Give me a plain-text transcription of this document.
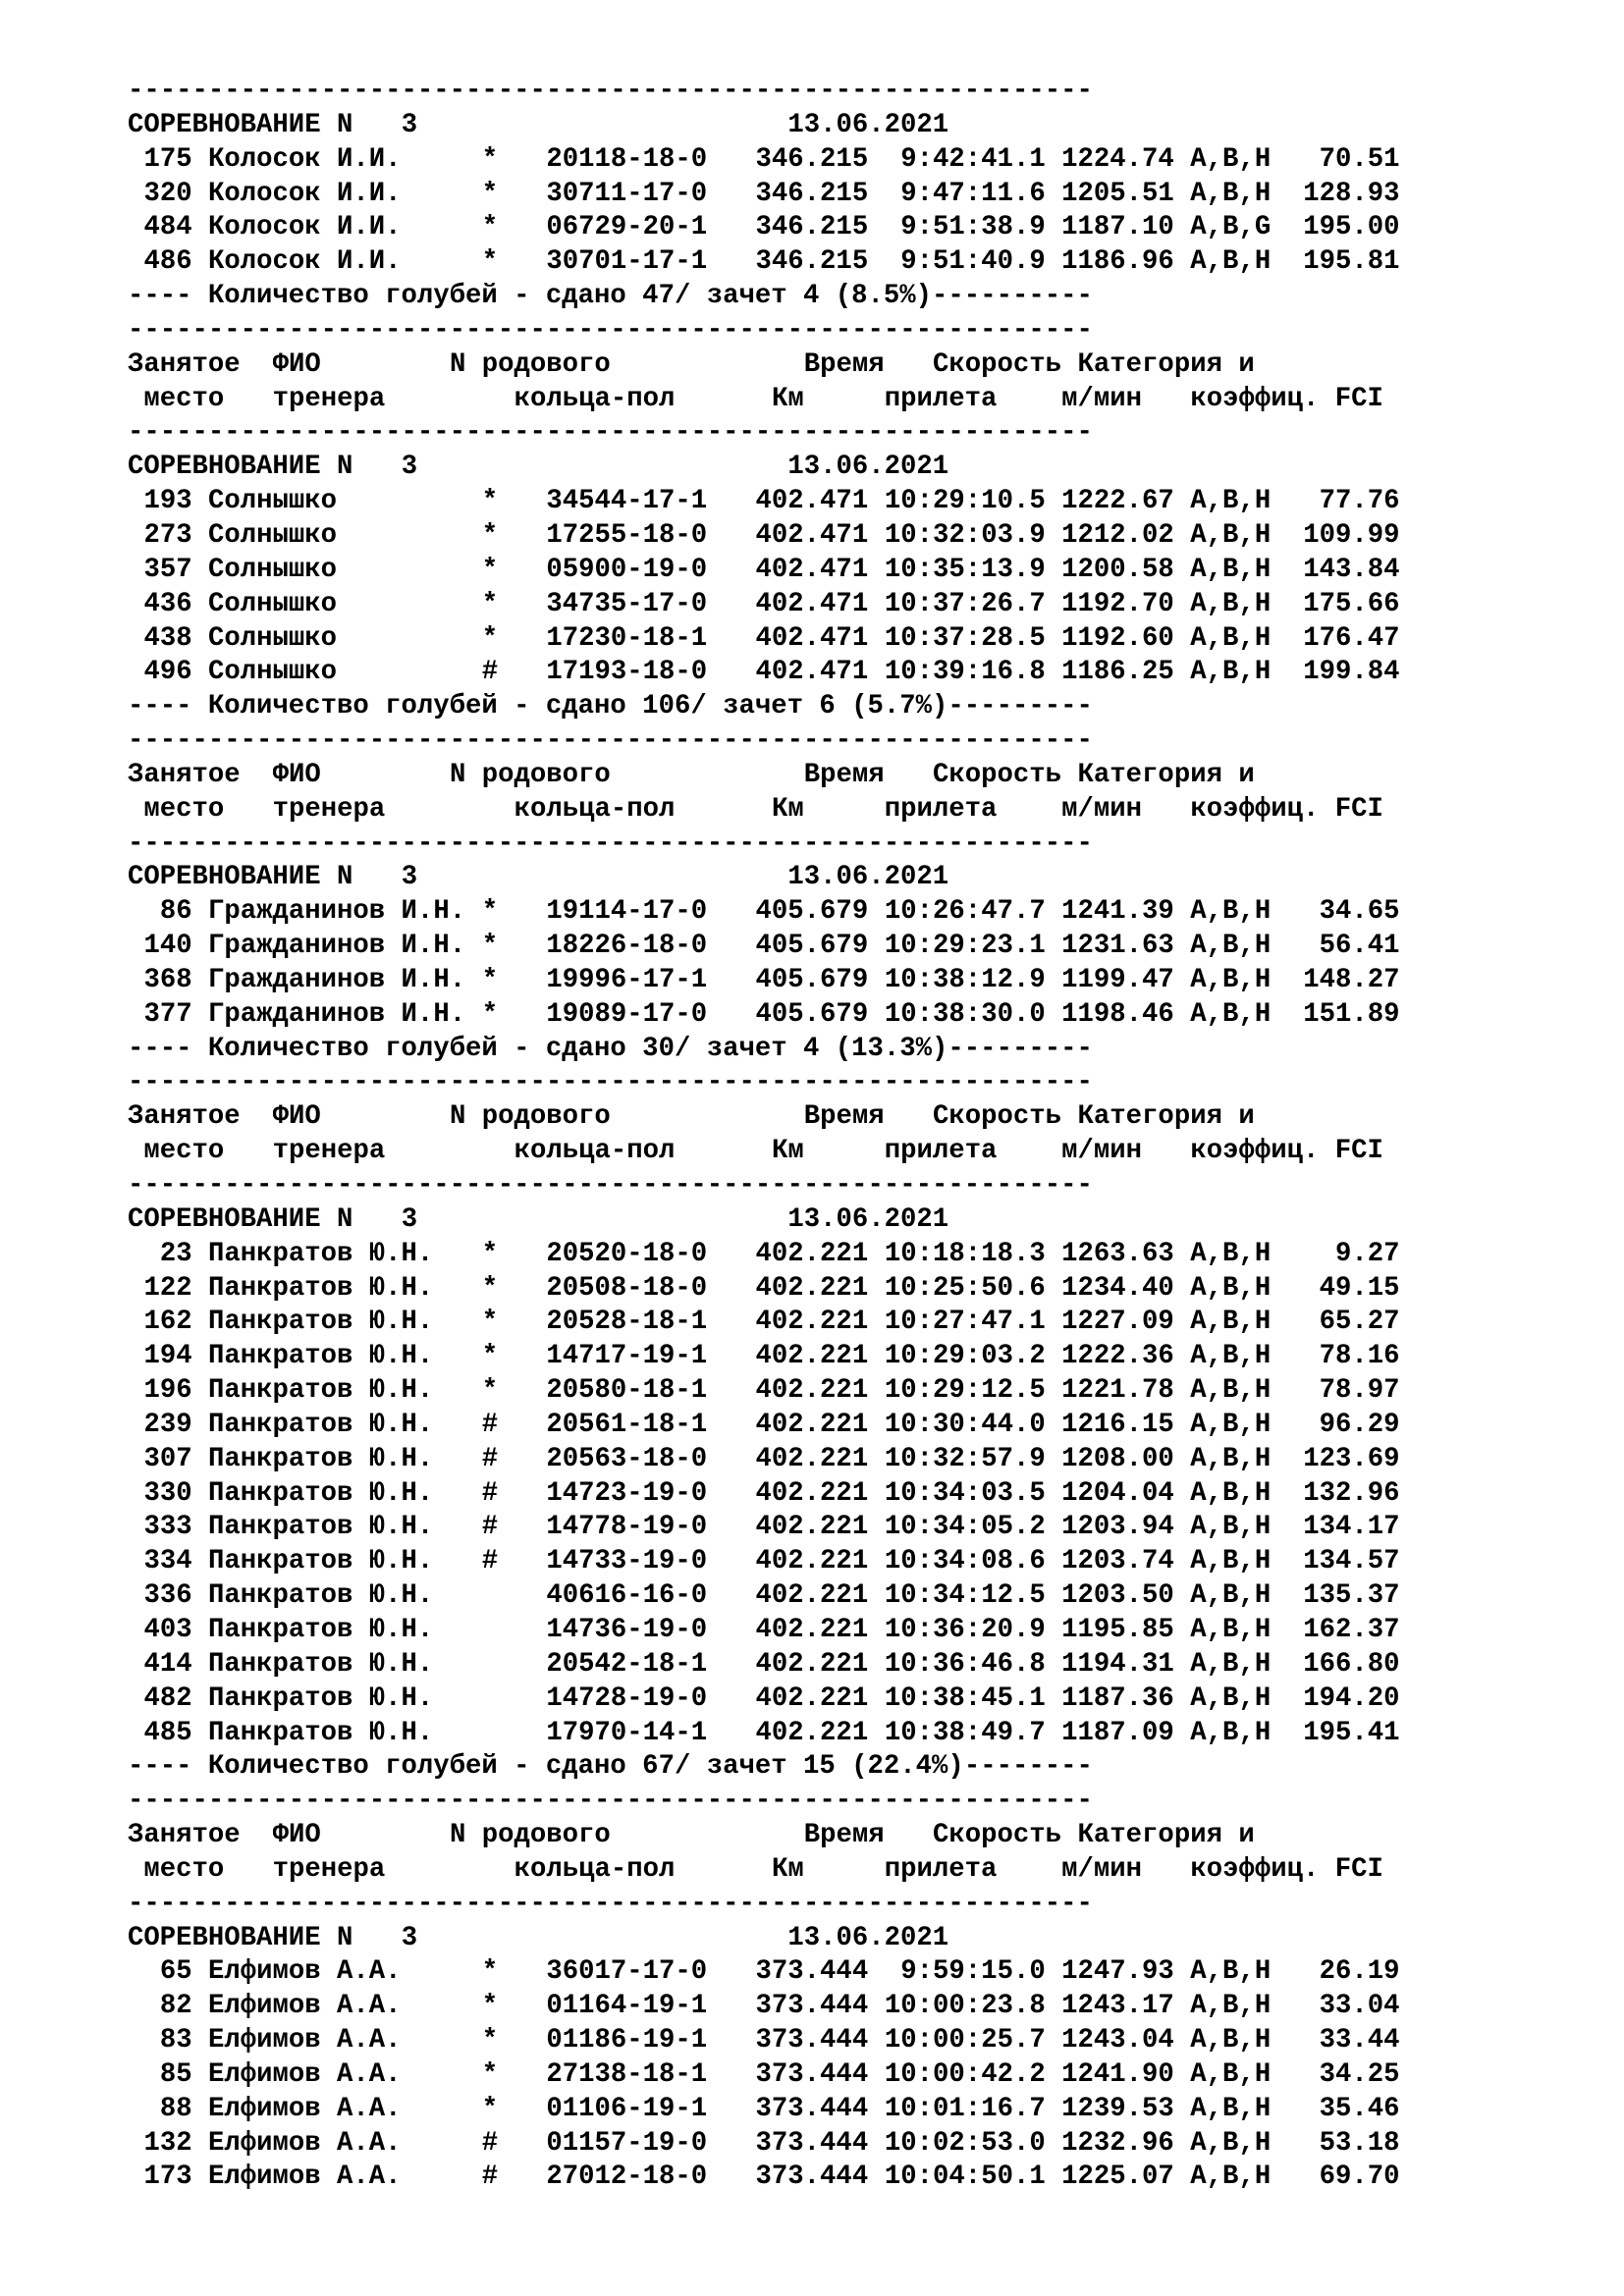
------------------------------------------------------------
СОРЕВНОВАНИЕ N 3	13.06.2021
175 Колосок И.И.	* 20118-18-0 346.215 9:42:41.1 1224.74 A,B,H 70.51
320 Колосок И.И.	* 30711-17-0 346.215 9:47:11.6 1205.51 A,B,H 128.93
484 Колосок И.И.	* 06729-20-1 346.215 9:51:38.9 1187.10 A,B,G 195.00
486 Колосок И.И.	* 30701-17-1 346.215 9:51:40.9 1186.96 A,B,H 195.81
---- Количество голубей - сдано 47/ зачет 4 (8.5%)----------
------------------------------------------------------------
Занятое ФИО	N родового	Время Скорость Категория и
место тренера	кольца-пол	Км	прилета м/мин коэффиц. FCI
------------------------------------------------------------
СОРЕВНОВАНИЕ N 3	13.06.2021
193 Солнышко	* 34544-17-1 402.471 10:29:10.5 1222.67 A,B,H 77.76
273 Солнышко	* 17255-18-0 402.471 10:32:03.9 1212.02 A,B,H 109.99
357 Солнышко	* 05900-19-0 402.471 10:35:13.9 1200.58 A,B,H 143.84
436 Солнышко	* 34735-17-0 402.471 10:37:26.7 1192.70 A,B,H 175.66
438 Солнышко	* 17230-18-1 402.471 10:37:28.5 1192.60 A,B,H 176.47
496 Солнышко	# 17193-18-0 402.471 10:39:16.8 1186.25 A,B,H 199.84
---- Количество голубей - сдано 106/ зачет 6 (5.7%)---------
------------------------------------------------------------
Занятое ФИО	N родового	Время Скорость Категория и
место тренера	кольца-пол	Км	прилета м/мин коэффиц. FCI
------------------------------------------------------------
СОРЕВНОВАНИЕ N 3	13.06.2021
86 Гражданинов И.Н. * 19114-17-0 405.679 10:26:47.7 1241.39 A,B,H 34.65
140 Гражданинов И.Н. * 18226-18-0 405.679 10:29:23.1 1231.63 A,B,H 56.41
368 Гражданинов И.Н. * 19996-17-1 405.679 10:38:12.9 1199.47 A,B,H 148.27
377 Гражданинов И.Н. * 19089-17-0 405.679 10:38:30.0 1198.46 A,B,H 151.89
---- Количество голубей - сдано 30/ зачет 4 (13.3%)---------
------------------------------------------------------------
Занятое ФИО	N родового	Время Скорость Категория и
место тренера	кольца-пол	Км	прилета м/мин коэффиц. FCI
------------------------------------------------------------
СОРЕВНОВАНИЕ N 3	13.06.2021
23 Панкратов Ю.Н. * 20520-18-0 402.221 10:18:18.3 1263.63 A,B,H 9.27
122 Панкратов Ю.Н. * 20508-18-0 402.221 10:25:50.6 1234.40 A,B,H 49.15
162 Панкратов Ю.Н. * 20528-18-1 402.221 10:27:47.1 1227.09 A,B,H 65.27
194 Панкратов Ю.Н. * 14717-19-1 402.221 10:29:03.2 1222.36 A,B,H 78.16
196 Панкратов Ю.Н. * 20580-18-1 402.221 10:29:12.5 1221.78 A,B,H 78.97
239 Панкратов Ю.Н. # 20561-18-1 402.221 10:30:44.0 1216.15 A,B,H 96.29
307 Панкратов Ю.Н. # 20563-18-0 402.221 10:32:57.9 1208.00 A,B,H 123.69
330 Панкратов Ю.Н. # 14723-19-0 402.221 10:34:03.5 1204.04 A,B,H 132.96
333 Панкратов Ю.Н. # 14778-19-0 402.221 10:34:05.2 1203.94 A,B,H 134.17
334 Панкратов Ю.Н. # 14733-19-0 402.221 10:34:08.6 1203.74 A,B,H 134.57
336 Панкратов Ю.Н.	40616-16-0 402.221 10:34:12.5 1203.50 A,B,H 135.37
403 Панкратов Ю.Н.	14736-19-0 402.221 10:36:20.9 1195.85 A,B,H 162.37
414 Панкратов Ю.Н.	20542-18-1 402.221 10:36:46.8 1194.31 A,B,H 166.80
482 Панкратов Ю.Н.	14728-19-0 402.221 10:38:45.1 1187.36 A,B,H 194.20
485 Панкратов Ю.Н.	17970-14-1 402.221 10:38:49.7 1187.09 A,B,H 195.41
---- Количество голубей - сдано 67/ зачет 15 (22.4%)--------
------------------------------------------------------------
Занятое ФИО	N родового	Время Скорость Категория и
место тренера	кольца-пол	Км	прилета м/мин коэффиц. FCI
------------------------------------------------------------
СОРЕВНОВАНИЕ N 3	13.06.2021
65 Елфимов А.А.	* 36017-17-0 373.444 9:59:15.0 1247.93 A,B,H 26.19
82 Елфимов А.А.	* 01164-19-1 373.444 10:00:23.8 1243.17 A,B,H 33.04
83 Елфимов А.А.	* 01186-19-1 373.444 10:00:25.7 1243.04 A,B,H 33.44
85 Елфимов А.А.	* 27138-18-1 373.444 10:00:42.2 1241.90 A,B,H 34.25
88 Елфимов А.А.	* 01106-19-1 373.444 10:01:16.7 1239.53 A,B,H 35.46
132 Елфимов А.А.	# 01157-19-0 373.444 10:02:53.0 1232.96 A,B,H 53.18
173 Елфимов А.А.	# 27012-18-0 373.444 10:04:50.1 1225.07 A,B,H 69.70
